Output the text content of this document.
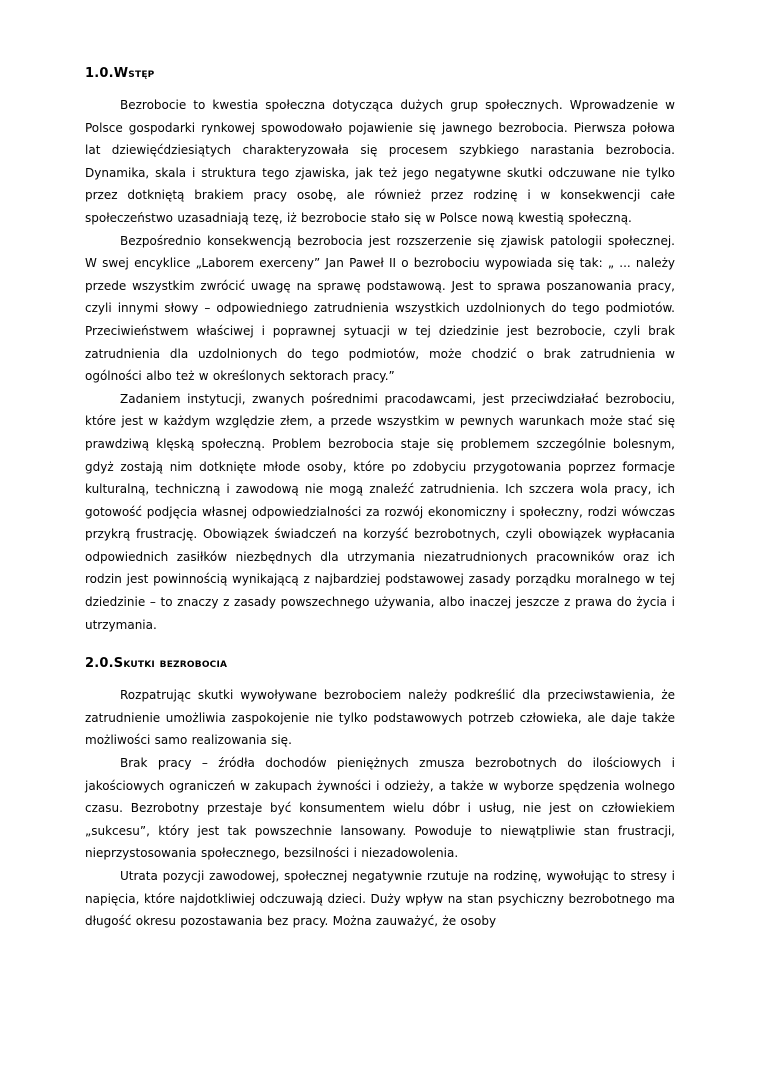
1.0.Wstęp

Bezrobocie to kwestia społeczna dotycząca dużych grup społecznych. Wprowadzenie w Polsce gospodarki rynkowej spowodowało pojawienie się jawnego bezrobocia. Pierwsza połowa lat dziewięćdziesiątych charakteryzowała się procesem szybkiego narastania bezrobocia. Dynamika, skala i struktura tego zjawiska, jak też jego negatywne skutki odczuwane nie tylko przez dotkniętą brakiem pracy osobę, ale również przez rodzinę i w konsekwencji całe społeczeństwo uzasadniają tezę, iż bezrobocie stało się w Polsce nową kwestią społeczną.

Bezpośrednio konsekwencją bezrobocia jest rozszerzenie się zjawisk patologii społecznej. W swej encyklice „Laborem exerceny” Jan Paweł II o bezrobociu wypowiada się tak: „ ... należy przede wszystkim zwrócić uwagę na sprawę podstawową. Jest to sprawa poszanowania pracy, czyli innymi słowy – odpowiedniego zatrudnienia wszystkich uzdolnionych do tego podmiotów. Przeciwieństwem właściwej i poprawnej sytuacji w tej dziedzinie jest bezrobocie, czyli brak zatrudnienia dla uzdolnionych do tego podmiotów, może chodzić o brak zatrudnienia w ogólności albo też w określonych sektorach pracy.”

Zadaniem instytucji, zwanych pośrednimi pracodawcami, jest przeciwdziałać bezrobociu, które jest w każdym względzie złem, a przede wszystkim w pewnych warunkach może stać się prawdziwą klęską społeczną. Problem bezrobocia staje się problemem szczególnie bolesnym, gdyż zostają nim dotknięte młode osoby, które po zdobyciu przygotowania poprzez formacje kulturalną, techniczną i zawodową nie mogą znaleźć zatrudnienia. Ich szczera wola pracy, ich gotowość podjęcia własnej odpowiedzialności za rozwój ekonomiczny i społeczny, rodzi wówczas przykrą frustrację. Obowiązek świadczeń na korzyść bezrobotnych, czyli obowiązek wypłacania odpowiednich zasiłków niezbędnych dla utrzymania niezatrudnionych pracowników oraz ich rodzin jest powinnością wynikającą z najbardziej podstawowej zasady porządku moralnego w tej dziedzinie – to znaczy z zasady powszechnego używania, albo inaczej jeszcze z prawa do życia i utrzymania.

2.0.Skutki bezrobocia

Rozpatrując skutki wywoływane bezrobociem należy podkreślić dla przeciwstawienia, że zatrudnienie umożliwia zaspokojenie nie tylko podstawowych potrzeb człowieka, ale daje także możliwości samo realizowania się.

Brak pracy – źródła dochodów pieniężnych zmusza bezrobotnych do ilościowych i jakościowych ograniczeń w zakupach żywności i odzieży, a także w wyborze spędzenia wolnego czasu. Bezrobotny przestaje być konsumentem wielu dóbr i usług, nie jest on człowiekiem „sukcesu”, który jest tak powszechnie lansowany. Powoduje to niewątpliwie stan frustracji, nieprzystosowania społecznego, bezsilności i niezadowolenia.

Utrata pozycji zawodowej, społecznej negatywnie rzutuje na rodzinę, wywołując to stresy i napięcia, które najdotkliwiej odczuwają dzieci. Duży wpływ na stan psychiczny bezrobotnego ma długość okresu pozostawania bez pracy. Można zauważyć, że osoby
